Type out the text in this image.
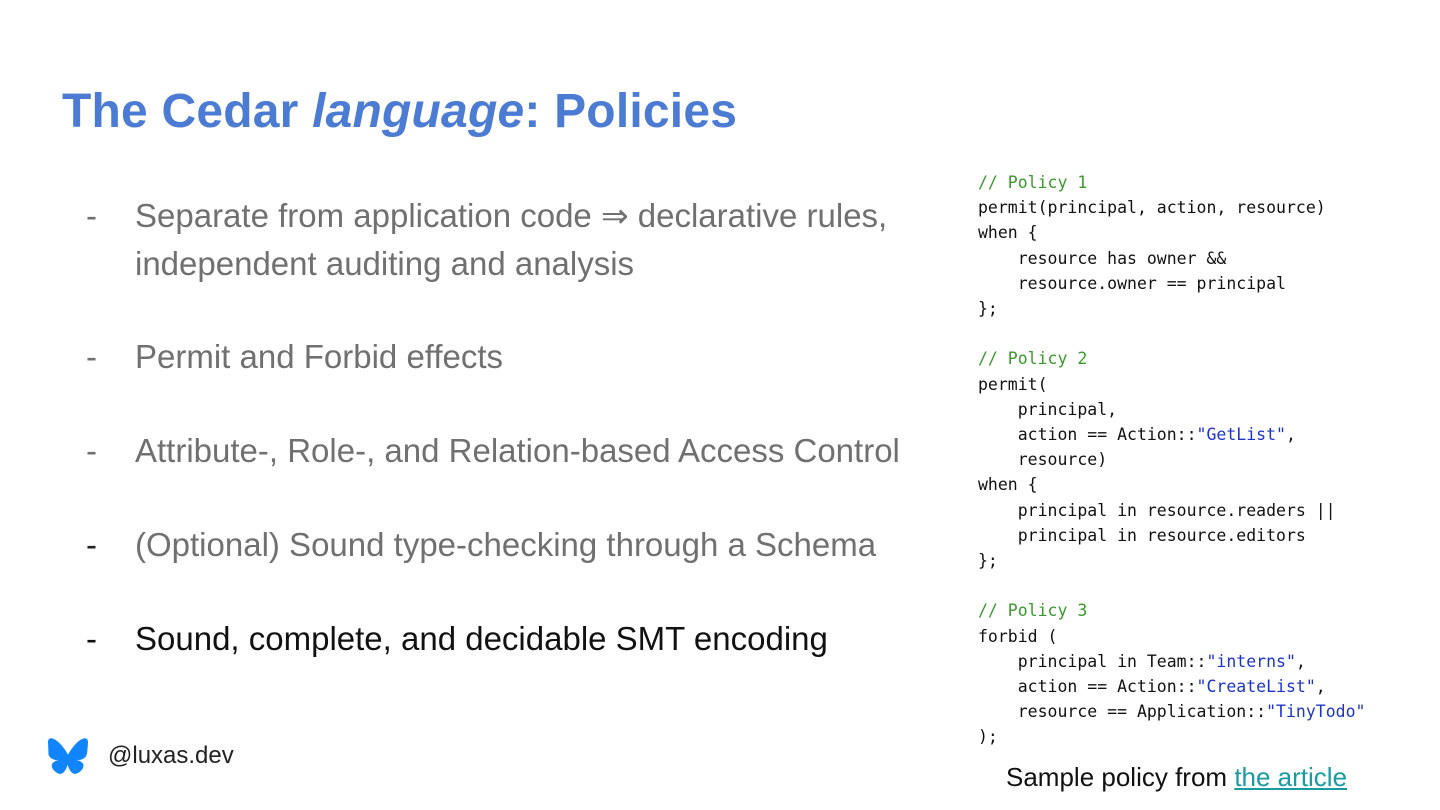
The Cedar language: Policies
-	Separate from application code ⇒ declarative rules, independent auditing and analysis
-	Permit and Forbid effects
-	Attribute-, Role-, and Relation-based Access Control
-	(Optional) Sound type-checking through a Schema
-	Sound, complete, and decidable SMT encoding
// Policy 1
permit(principal, action, resource)
when {
resource has owner &&
resource.owner == principal
};

// Policy 2
permit(
principal,
action == Action::"GetList",
resource)
when {
principal in resource.readers ||
principal in resource.editors
};

// Policy 3
forbid (
principal in Team::"interns",
action == Action::"CreateList",
resource == Application::"TinyTodo"
);
Sample policy from the article
@luxas.dev
